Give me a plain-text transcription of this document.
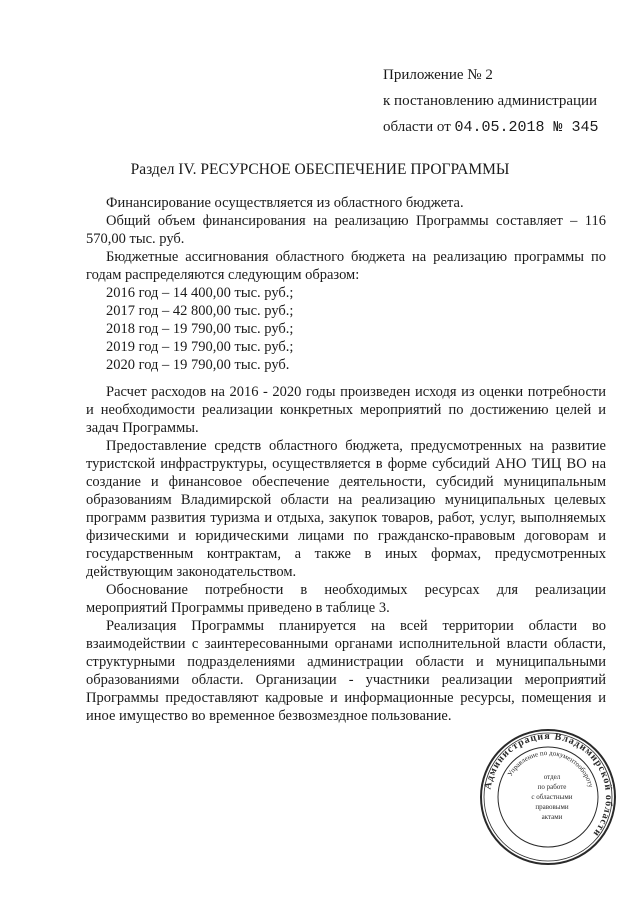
Приложение № 2
к постановлению администрации
области от 04.05.2018 № 345
Раздел IV. РЕСУРСНОЕ ОБЕСПЕЧЕНИЕ ПРОГРАММЫ

Финансирование осуществляется из областного бюджета.

Общий объем финансирования на реализацию Программы составляет – 116 570,00 тыс. руб.

Бюджетные ассигнования областного бюджета на реализацию программы по годам распределяются следующим образом:

2016 год – 14 400,00 тыс. руб.;

2017 год – 42 800,00 тыс. руб.;

2018 год – 19 790,00 тыс. руб.;

2019 год – 19 790,00 тыс. руб.;

2020 год – 19 790,00 тыс. руб.

Расчет расходов на 2016 - 2020 годы произведен исходя из оценки потребности и необходимости реализации конкретных мероприятий по достижению целей и задач Программы.

Предоставление средств областного бюджета, предусмотренных на развитие туристской инфраструктуры, осуществляется в форме субсидий АНО ТИЦ ВО на создание и финансовое обеспечение деятельности, субсидий муниципальным образованиям Владимирской области на реализацию муниципальных целевых программ развития туризма и отдыха, закупок товаров, работ, услуг, выполняемых физическими и юридическими лицами по гражданско-правовым договорам и государственным контрактам, а также в иных формах, предусмотренных действующим законодательством.

Обоснование потребности в необходимых ресурсах для реализации мероприятий Программы приведено в таблице 3.

Реализация Программы планируется на всей территории области во взаимодействии с заинтересованными органами исполнительной власти области, структурными подразделениями администрации области и муниципальными образованиями области. Организации - участники реализации мероприятий Программы предоставляют кадровые и информационные ресурсы, помещения и иное имущество во временное безвозмездное пользование.

Администрация Владимирской области
Управление по документообороту
отдел
по работе
с областными
правовыми
актами
